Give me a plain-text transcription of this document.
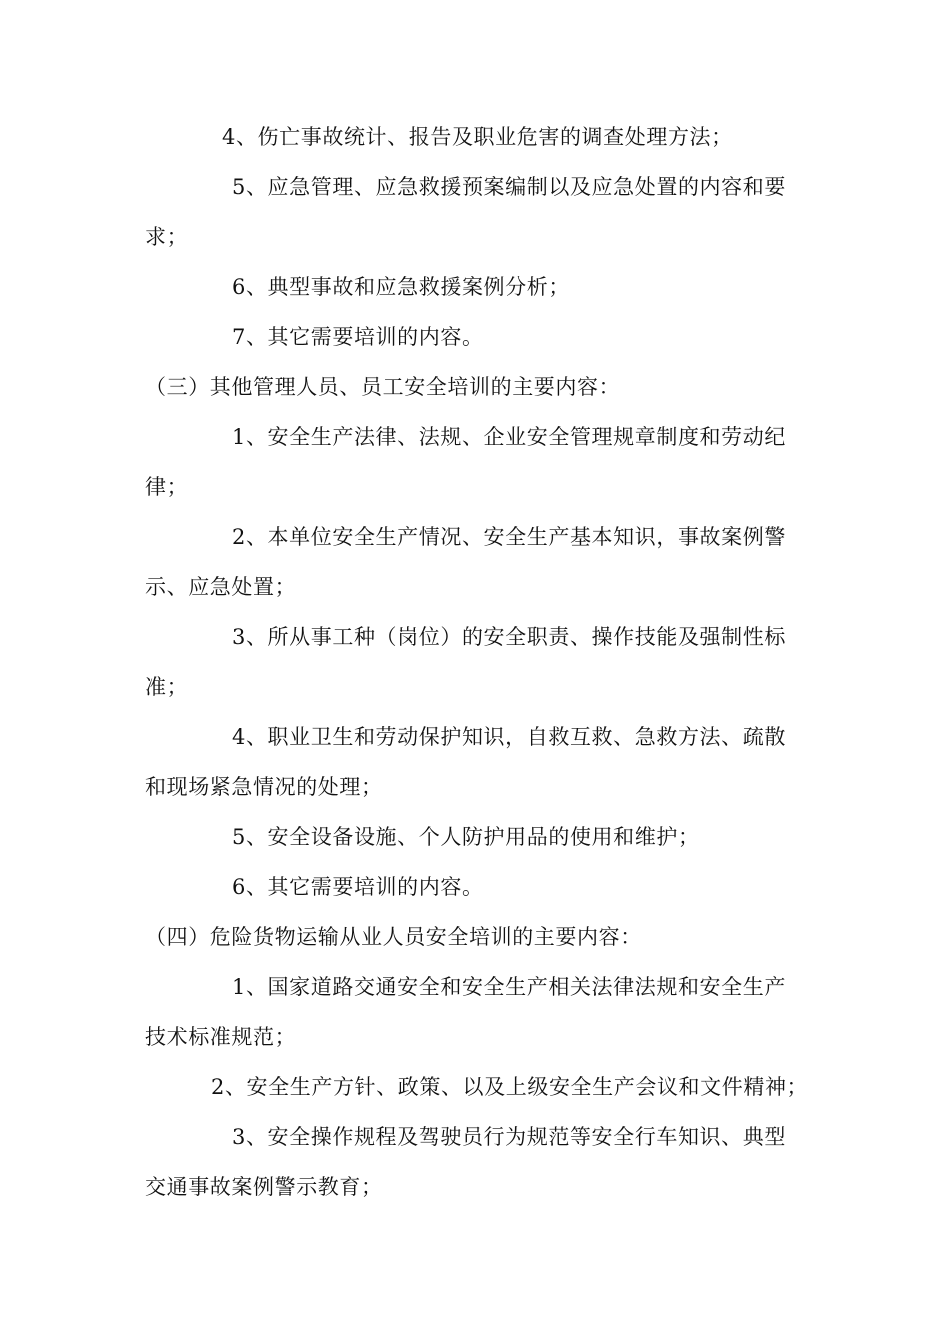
4、伤亡事故统计、报告及职业危害的调查处理方法；
5、应急管理、应急救援预案编制以及应急处置的内容和要
求；
6、典型事故和应急救援案例分析；
7、其它需要培训的内容。
（三）其他管理人员、员工安全培训的主要内容：
1、安全生产法律、法规、企业安全管理规章制度和劳动纪
律；
2、本单位安全生产情况、安全生产基本知识，事故案例警
示、应急处置；
3、所从事工种（岗位）的安全职责、操作技能及强制性标
准；
4、职业卫生和劳动保护知识，自救互救、急救方法、疏散
和现场紧急情况的处理；
5、安全设备设施、个人防护用品的使用和维护；
6、其它需要培训的内容。
（四）危险货物运输从业人员安全培训的主要内容：
1、国家道路交通安全和安全生产相关法律法规和安全生产
技术标准规范；
2、安全生产方针、政策、以及上级安全生产会议和文件精神；
3、安全操作规程及驾驶员行为规范等安全行车知识、典型
交通事故案例警示教育；
